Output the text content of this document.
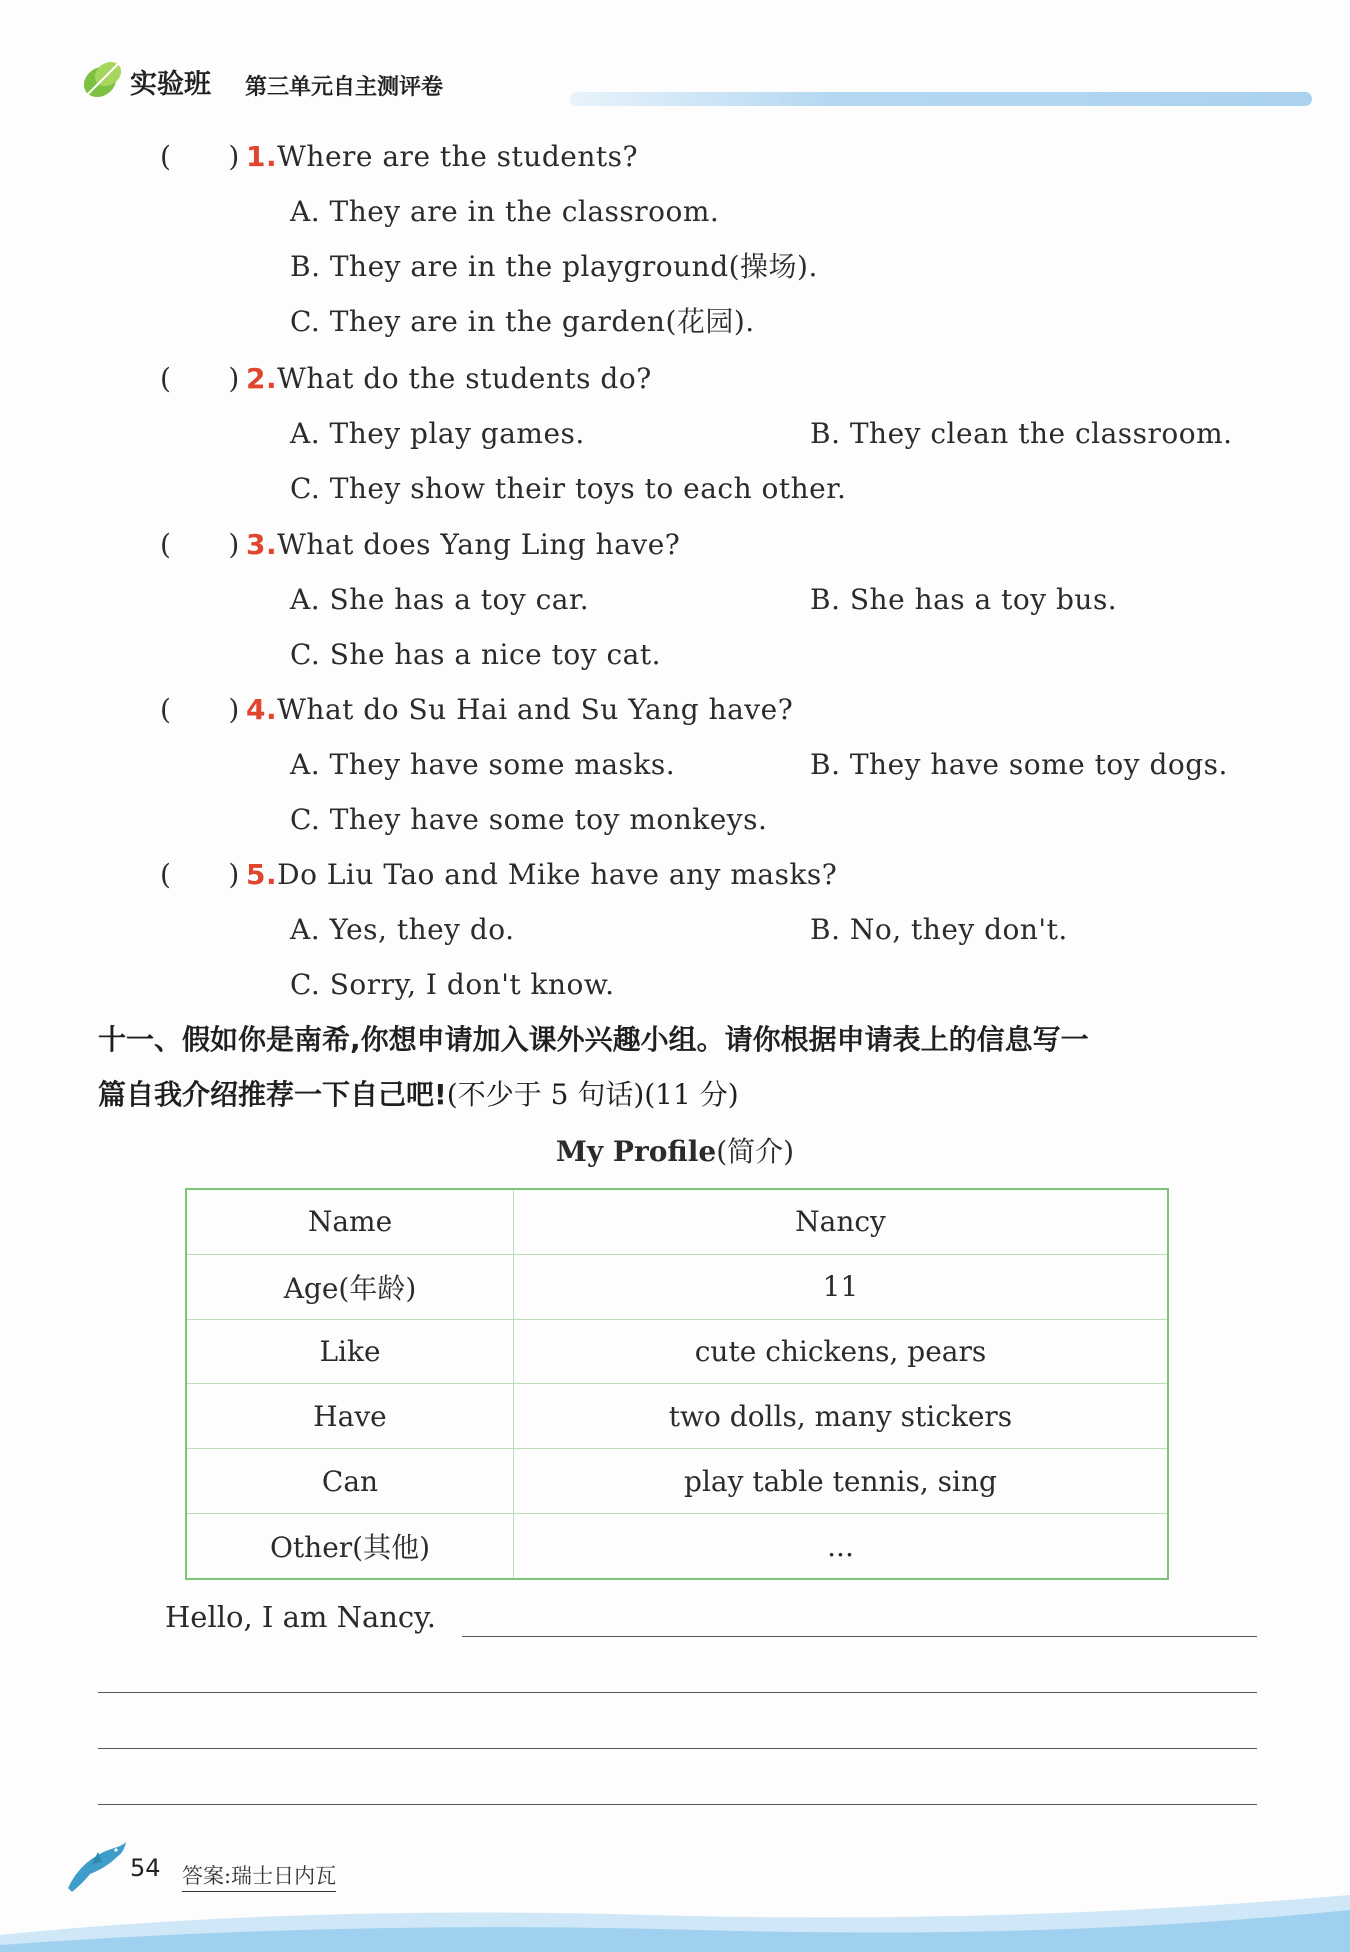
实验班 第三单元自主测评卷
(　　) 1.Where are the students?
A. They are in the classroom.
B. They are in the playground(操场).
C. They are in the garden(花园).
(　　) 2.What do the students do?
A. They play games.	B. They clean the classroom.
C. They show their toys to each other.
(　　) 3.What does Yang Ling have?
A. She has a toy car.	B. She has a toy bus.
C. She has a nice toy cat.
(　　) 4.What do Su Hai and Su Yang have?
A. They have some masks.	B. They have some toy dogs.
C. They have some toy monkeys.
(　　) 5.Do Liu Tao and Mike have any masks?
A. Yes, they do.	B. No, they don't.
C. Sorry, I don't know.
十一、假如你是南希,你想申请加入课外兴趣小组。请你根据申请表上的信息写一
篇自我介绍推荐一下自己吧!(不少于 5 句话)(11 分)
My Profile(简介)
Name	Nancy
Age(年龄)	11
Like	cute chickens, pears
Have	two dolls, many stickers
Can	play table tennis, sing
Other(其他)	...
Hello, I am Nancy.
54 答案:瑞士日内瓦
